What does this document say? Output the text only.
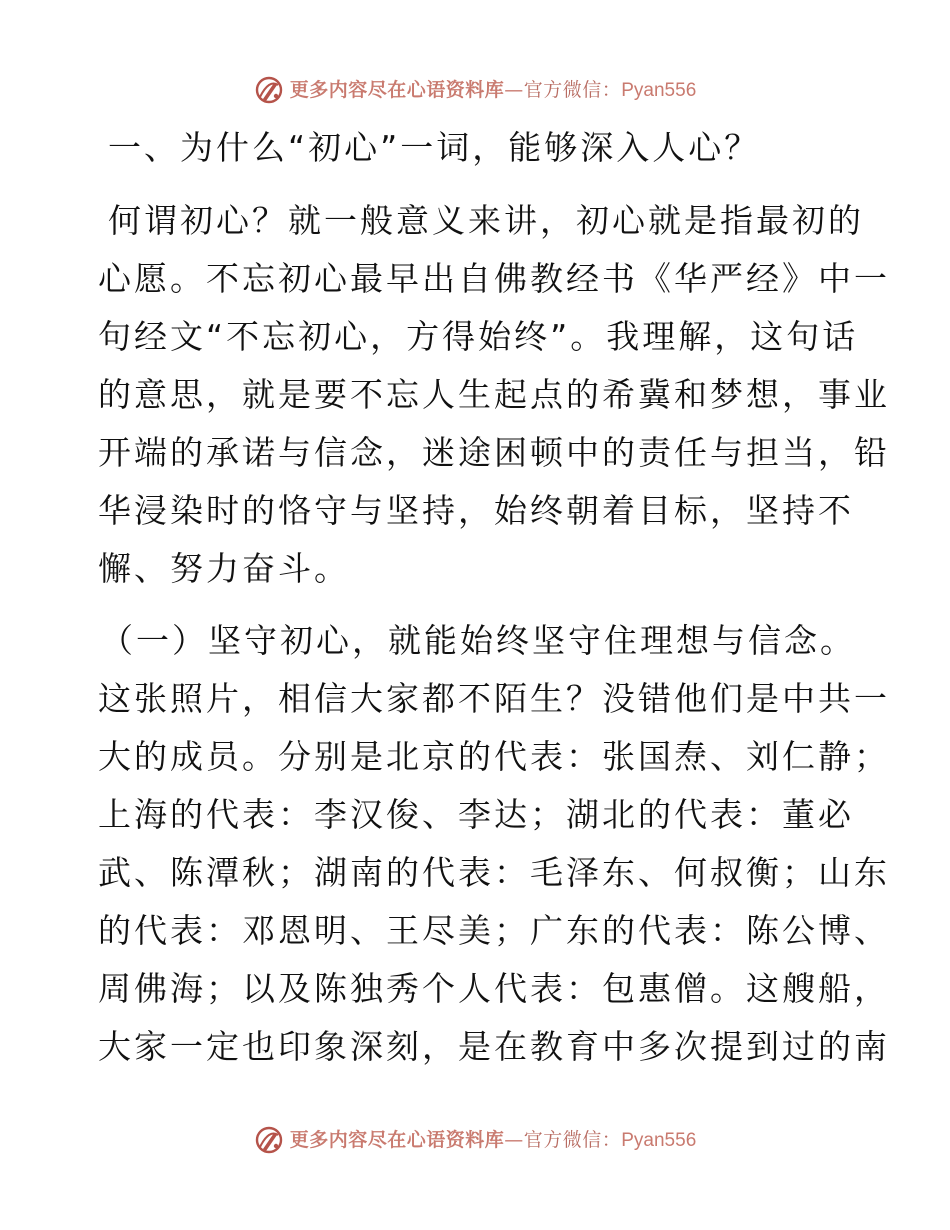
更多内容尽在心语资料库—官方微信：Pyan556
一、为什么“初心”一词，能够深入人心？
何谓初心？就一般意义来讲，初心就是指最初的
心愿。不忘初心最早出自佛教经书《华严经》中一
句经文“不忘初心，方得始终”。我理解，这句话
的意思，就是要不忘人生起点的希冀和梦想，事业
开端的承诺与信念，迷途困顿中的责任与担当，铅
华浸染时的恪守与坚持，始终朝着目标，坚持不
懈、努力奋斗。
（一）坚守初心，就能始终坚守住理想与信念。
这张照片，相信大家都不陌生？没错他们是中共一
大的成员。分别是北京的代表：张国焘、刘仁静；
上海的代表：李汉俊、李达；湖北的代表：董必
武、陈潭秋；湖南的代表：毛泽东、何叔衡；山东
的代表：邓恩明、王尽美；广东的代表：陈公博、
周佛海；以及陈独秀个人代表：包惠僧。这艘船，
大家一定也印象深刻，是在教育中多次提到过的南
更多内容尽在心语资料库—官方微信：Pyan556
